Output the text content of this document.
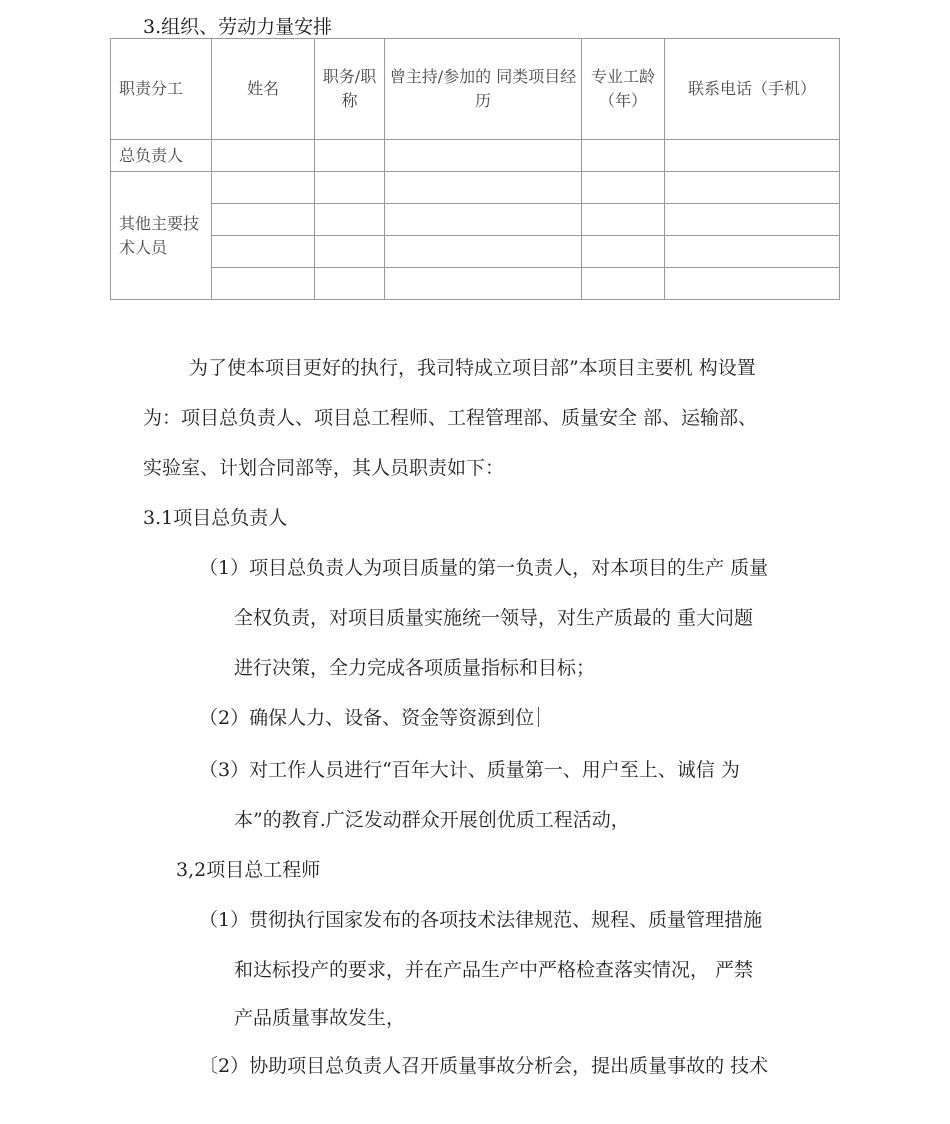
3.组织、劳动力量安排
职责分工	姓名	职务/职称	曾主持/参加的 同类项目经历	专业工龄（年）	联系电话（手机）
总负责人					
其他主要技术人员					

为了使本项目更好的执行，我司特成立项目部”本项目主要机 构设置
为：项目总负责人、项目总工程师、工程管理部、质量安全 部、运输部、
实验室、计划合同部等，其人员职责如下：
3.1项目总负责人
（1）项目总负责人为项目质量的第一负责人，对本项目的生产 质量
全权负责，对项目质量实施统一领导，对生产质最的 重大问题
进行决策，全力完成各项质量指标和目标；
（2）确保人力、设备、资金等资源到位
（3）对工作人员进行“百年大计、质量第一、用户至上、诚信 为
本”的教育.广泛发动群众开展创优质工程活动，
3,2项目总工程师
（1）贯彻执行国家发布的各项技术法律规范、规程、质量管理措施
和达标投产的要求，并在产品生产中严格检查落实情况， 严禁
产品质量事故发生，
〔2）协助项目总负责人召开质量事故分析会，提出质量事故的 技术
